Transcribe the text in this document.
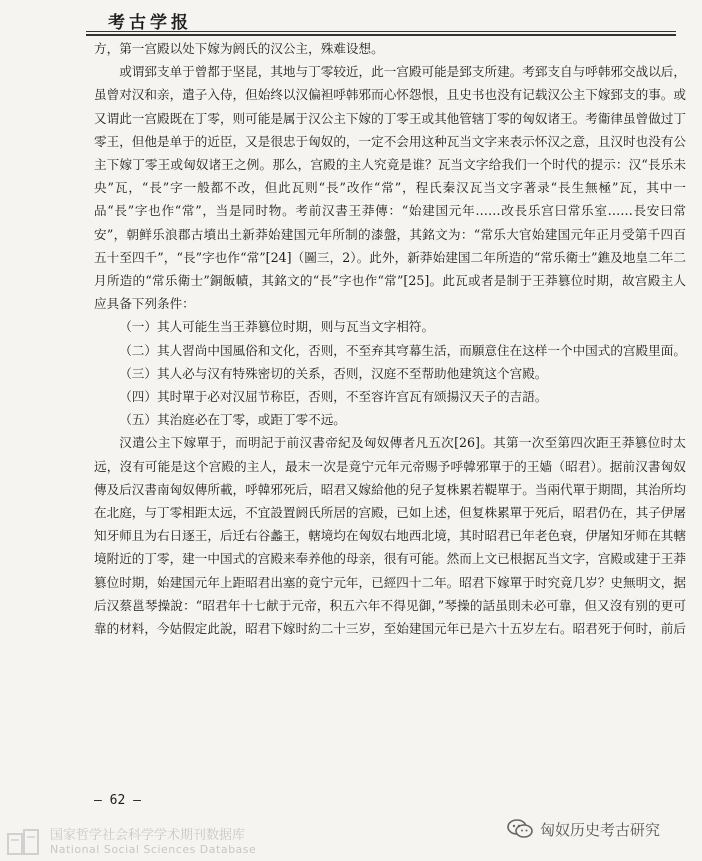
考古学报

方，第一宫殿以处下嫁为阏氏的汉公主，殊难设想。

或谓郅支单于曾都于坚昆，其地与丁零较近，此一宫殿可能是郅支所建。考郅支自与呼韩邪交战以后，虽曾对汉和亲，遣子入侍，但始终以汉偏袒呼韩邪而心怀怨恨，且史书也没有记载汉公主下嫁郅支的事。或又谓此一宫殿既在丁零，则可能是属于汉公主下嫁的丁零王或其他管辖丁零的匈奴诸王。考衞律虽曾做过丁零王，但他是单于的近臣，又是很忠于匈奴的，一定不会用这种瓦当文字来表示怀汉之意，且汉时也没有公主下嫁丁零王或匈奴诸王之例。那么，宫殿的主人究竟是谁？瓦当文字给我们一个时代的提示：汉“長乐未央”瓦，“長”字一般都不改，但此瓦则“長”改作“常”，程氏秦汉瓦当文字著录“長生無極”瓦，其中一品“長”字也作“常”，当是同时物。考前汉書王莽傳：“始建国元年……改長乐宫曰常乐室……長安曰常安”，朝鲜乐浪郡古墳出土新莽始建国元年所制的漆盤，其銘文为：“常乐大官始建国元年正月受第千四百五十至四千”，“長”字也作“常”[24]（圖三，2）。此外，新莽始建国二年所造的“常乐衛士”鐎及地皇二年二月所造的“常乐衛士”銅飯幘，其銘文的“長”字也作“常”[25]。此瓦或者是制于王莽篡位时期，故宫殿主人应具备下列条件：

（一）其人可能生当王莽篡位时期，则与瓦当文字相符。

（二）其人習尚中国風俗和文化，否则，不至弃其穹幕生活，而願意住在这样一个中国式的宫殿里面。

（三）其人必与汉有特殊密切的关系，否则，汉庭不至帮助他建筑这个宫殿。

（四）其时單于必对汉屈节称臣，否则，不至容许宫瓦有颂揚汉天子的吉語。

（五）其治庭必在丁零，或距丁零不远。

汉遣公主下嫁單于，而明記于前汉書帝紀及匈奴傳者凡五次[26]。其第一次至第四次距王莽篡位时太远，沒有可能是这个宫殿的主人，最末一次是竟宁元年元帝赐予呼韓邪單于的王嫱（昭君）。据前汉書匈奴傳及后汉書南匈奴傳所載，呼韓邪死后，昭君又嫁給他的兒子复株累若鞮單于。当兩代單于期間，其治所均在北庭，与丁零相距太远，不宜設置阏氏所居的宫殿，已如上述，但复株累單于死后，昭君仍在，其子伊屠知牙师且为右日逐王，后迁右谷蠡王，轄境均在匈奴右地西北境，其时昭君已年老色衰，伊屠知牙师在其轄境附近的丁零，建一中国式的宫殿来奉养他的母亲，很有可能。然而上文已根据瓦当文字，宫殿或建于王莽篡位时期，始建国元年上距昭君出塞的竟宁元年，已經四十二年。昭君下嫁單于时究竟几岁？史無明文，据后汉蔡邕琴操說：“昭君年十七献于元帝，积五六年不得见御，”琴操的話虽則未必可靠，但又沒有别的更可靠的材料，今姑假定此說，昭君下嫁时約二十三岁，至始建国元年已是六十五岁左右。昭君死于何时，前后

— 62 —
国家哲学社会科学学术期刊数据库
National Social Sciences Database
匈奴历史考古研究
